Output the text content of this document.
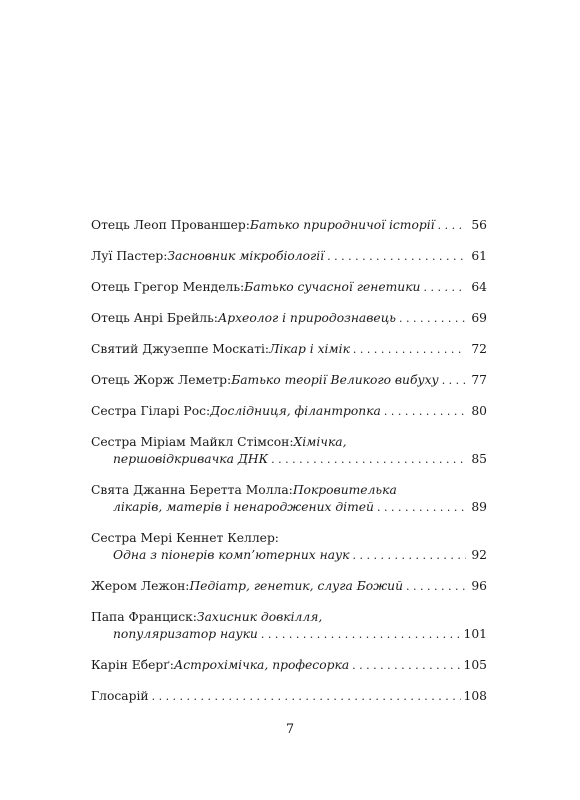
Отець Леоп Прованшер: Батько природничої історії . . .	56
Луї Пастер: Засновник мікробіології . . .	61
Отець Грегор Мендель: Батько сучасної генетики . . .	64
Отець Анрі Брейль: Археолог і природознавець . . .	69
Святий Джузеппе Москаті: Лікар і хімік . . .	72
Отець Жорж Леметр: Батько теорії Великого вибуху . . .	77
Сестра Гіларі Рос: Дослідниця, філантропка . . .	80
Сестра Міріам Майкл Стімсон: Хімічка,
першовідкривачка ДНК . . .	85
Свята Джанна Беретта Молла: Покровителька
лікарів, матерів і ненароджених дітей . . .	89
Сестра Мері Кеннет Келлер:
Одна з піонерів комп’ютерних наук . . .	92
Жером Лежон: Педіатр, генетик, слуга Божий . . .	96
Папа Франциск: Захисник довкілля,
популяризатор науки . . .	101
Карін Еберґ: Астрохімічка, професорка . . .	105
Глосарій . . .	108
7
